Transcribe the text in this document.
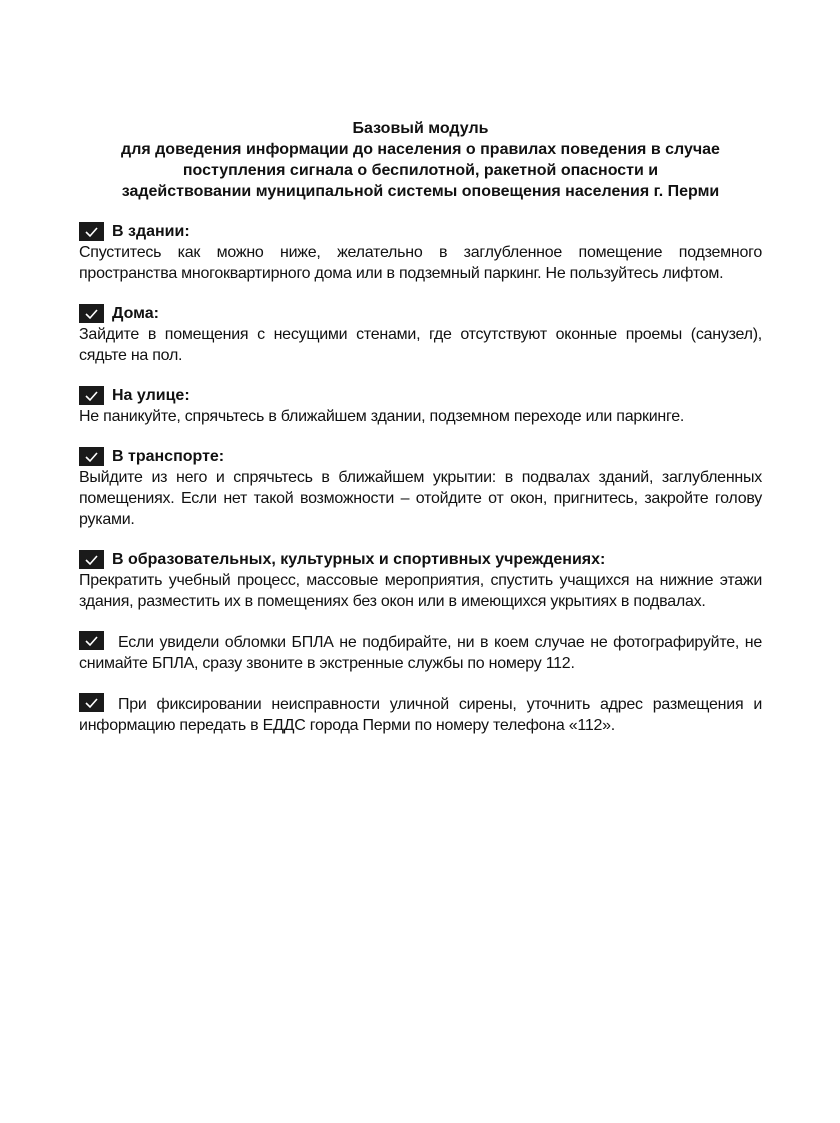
Базовый модуль
для доведения информации до населения о правилах поведения в случае
поступления сигнала о беспилотной, ракетной опасности и
задействовании муниципальной системы оповещения населения г. Перми
В здании:

Спуститесь как можно ниже, желательно в заглубленное помещение подземного пространства многоквартирного дома или в подземный паркинг. Не пользуйтесь лифтом.

Дома:

Зайдите в помещения с несущими стенами, где отсутствуют оконные проемы (санузел), сядьте на пол.

На улице:

Не паникуйте, спрячьтесь в ближайшем здании, подземном переходе или паркинге.

В транспорте:

Выйдите из него и спрячьтесь в ближайшем укрытии: в подвалах зданий, заглубленных помещениях. Если нет такой возможности – отойдите от окон, пригнитесь, закройте голову руками.

В образовательных, культурных и спортивных учреждениях:

Прекратить учебный процесс, массовые мероприятия, спустить учащихся на нижние этажи здания, разместить их в помещениях без окон или в имеющихся укрытиях в подвалах.

Если увидели обломки БПЛА не подбирайте, ни в коем случае не фотографируйте, не снимайте БПЛА, сразу звоните в экстренные службы по номеру 112.

При фиксировании неисправности уличной сирены, уточнить адрес размещения и информацию передать в ЕДДС города Перми по номеру телефона «112».
